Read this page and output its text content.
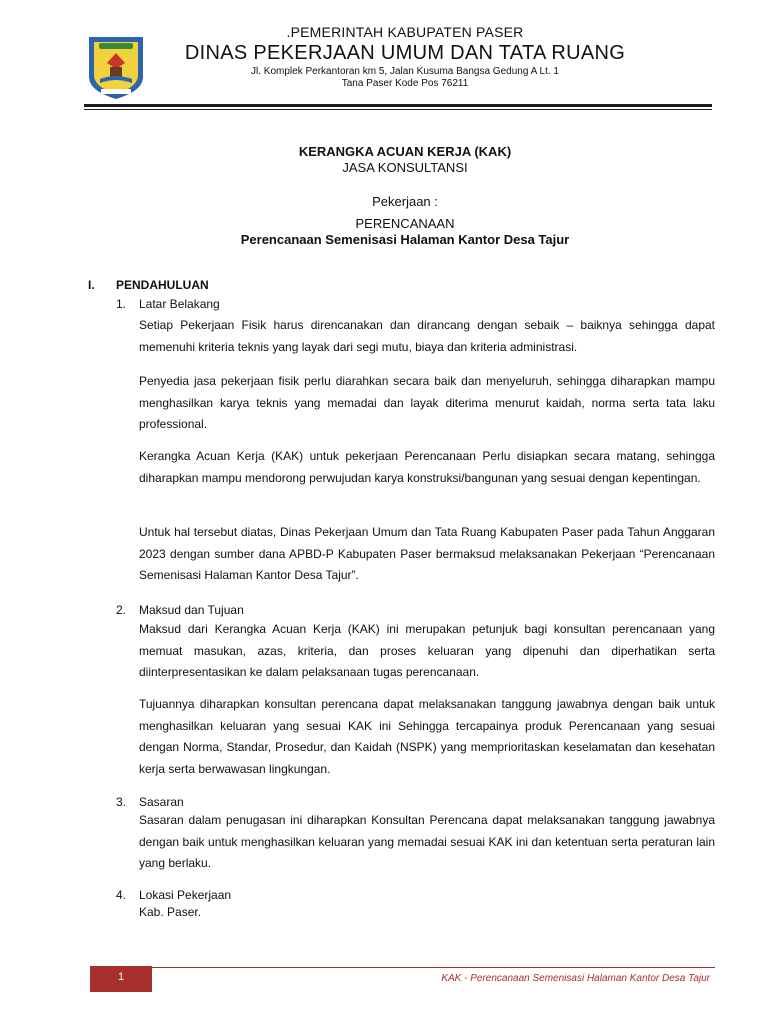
.PEMERINTAH KABUPATEN PASER
DINAS PEKERJAAN UMUM DAN TATA RUANG
Jl. Komplek Perkantoran km 5, Jalan Kusuma Bangsa Gedung A Lt. 1
Tana Paser Kode Pos 76211
KERANGKA ACUAN KERJA (KAK)
JASA KONSULTANSI
Pekerjaan :
PERENCANAAN
Perencanaan Semenisasi Halaman Kantor Desa Tajur
I. PENDAHULUAN
1. Latar Belakang

Setiap Pekerjaan Fisik harus direncanakan dan dirancang dengan sebaik – baiknya sehingga dapat memenuhi kriteria teknis yang layak dari segi mutu, biaya dan kriteria administrasi.

Penyedia jasa pekerjaan fisik perlu diarahkan secara baik dan menyeluruh, sehingga diharapkan mampu menghasilkan karya teknis yang memadai dan layak diterima menurut kaidah, norma serta tata laku professional.

Kerangka Acuan Kerja (KAK) untuk pekerjaan Perencanaan Perlu disiapkan secara matang, sehingga diharapkan mampu mendorong perwujudan karya konstruksi/bangunan yang sesuai dengan kepentingan.

Untuk hal tersebut diatas, Dinas Pekerjaan Umum dan Tata Ruang Kabupaten Paser pada Tahun Anggaran 2023 dengan sumber dana APBD-P Kabupaten Paser bermaksud melaksanakan Pekerjaan “Perencanaan Semenisasi Halaman Kantor Desa Tajur”.

2. Maksud dan Tujuan

Maksud dari Kerangka Acuan Kerja (KAK) ini merupakan petunjuk bagi konsultan perencanaan yang memuat masukan, azas, kriteria, dan proses keluaran yang dipenuhi dan diperhatikan serta diinterpresentasikan ke dalam pelaksanaan tugas perencanaan.

Tujuannya diharapkan konsultan perencana dapat melaksanakan tanggung jawabnya dengan baik untuk menghasilkan keluaran yang sesuai KAK ini Sehingga tercapainya produk Perencanaan yang sesuai dengan Norma, Standar, Prosedur, dan Kaidah (NSPK) yang memprioritaskan keselamatan dan kesehatan kerja serta berwawasan lingkungan.

3. Sasaran

Sasaran dalam penugasan ini diharapkan Konsultan Perencana dapat melaksanakan tanggung jawabnya dengan baik untuk menghasilkan keluaran yang memadai sesuai KAK ini dan ketentuan serta peraturan lain yang berlaku.

4. Lokasi Pekerjaan

Kab. Paser.

1	KAK - Perencanaan Semenisasi Halaman Kantor Desa Tajur
